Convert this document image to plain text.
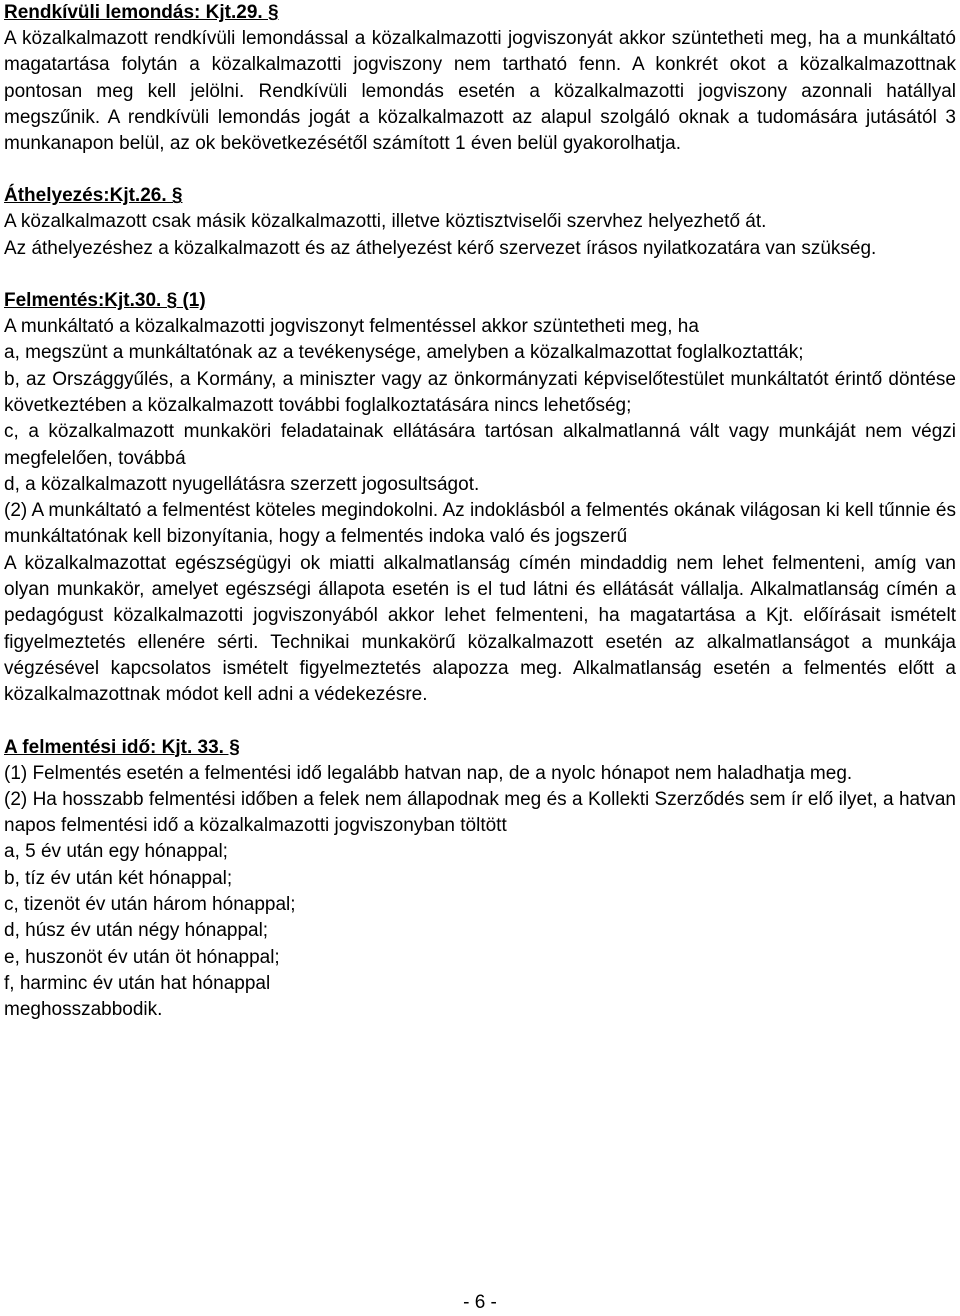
Rendkívüli lemondás: Kjt.29. §

A közalkalmazott rendkívüli lemondással a közalkalmazotti jogviszonyát akkor szüntetheti meg, ha a munkáltató magatartása folytán a közalkalmazotti jogviszony nem tartható fenn. A konkrét okot a közalkalmazottnak pontosan meg kell jelölni. Rendkívüli lemondás esetén a közalkalmazotti jogviszony azonnali hatállyal megszűnik. A rendkívüli lemondás jogát a közalkalmazott az alapul szolgáló oknak a tudomására jutásától 3 munkanapon belül, az ok bekövetkezésétől számított 1 éven belül gyakorolhatja.

Áthelyezés:Kjt.26. §

A közalkalmazott csak másik közalkalmazotti, illetve köztisztviselői szervhez helyezhető át.

Az áthelyezéshez a közalkalmazott és az áthelyezést kérő szervezet írásos nyilatkozatára van szükség.

Felmentés:Kjt.30. § (1)

A munkáltató a közalkalmazotti jogviszonyt felmentéssel akkor szüntetheti meg, ha

a, megszünt a munkáltatónak az a tevékenysége, amelyben a közalkalmazottat foglalkoztatták;

b, az Országgyűlés, a Kormány, a miniszter vagy az önkormányzati képviselőtestület munkáltatót érintő döntése következtében a közalkalmazott további foglalkoztatására nincs lehetőség;

c, a közalkalmazott munkaköri feladatainak ellátására tartósan alkalmatlanná vált vagy munkáját nem végzi megfelelően, továbbá

d, a közalkalmazott nyugellátásra szerzett jogosultságot.

(2) A munkáltató a felmentést köteles megindokolni. Az indoklásból a felmentés okának világosan ki kell tűnnie és munkáltatónak kell bizonyítania, hogy a felmentés indoka való és jogszerű

A közalkalmazottat egészségügyi ok miatti alkalmatlanság címén mindaddig nem lehet felmenteni, amíg van olyan munkakör, amelyet egészségi állapota esetén is el tud látni és ellátását vállalja. Alkalmatlanság címén a pedagógust közalkalmazotti jogviszonyából akkor lehet felmenteni, ha magatartása a Kjt. előírásait ismételt figyelmeztetés ellenére sérti. Technikai munkakörű közalkalmazott esetén az alkalmatlanságot a munkája végzésével kapcsolatos ismételt figyelmeztetés alapozza meg. Alkalmatlanság esetén a felmentés előtt a közalkalmazottnak módot kell adni a védekezésre.

A felmentési idő: Kjt. 33. §

(1) Felmentés esetén a felmentési idő legalább hatvan nap, de a nyolc hónapot nem haladhatja meg.

(2) Ha hosszabb felmentési időben a felek nem állapodnak meg és a Kollekti Szerződés sem ír elő ilyet, a hatvan napos felmentési idő a közalkalmazotti jogviszonyban töltött

a, 5 év után egy hónappal;

b, tíz év után két hónappal;

c, tizenöt év után három hónappal;

d, húsz év után négy hónappal;

e, huszonöt év után öt hónappal;

f, harminc év után hat hónappal

meghosszabbodik.

- 6 -
